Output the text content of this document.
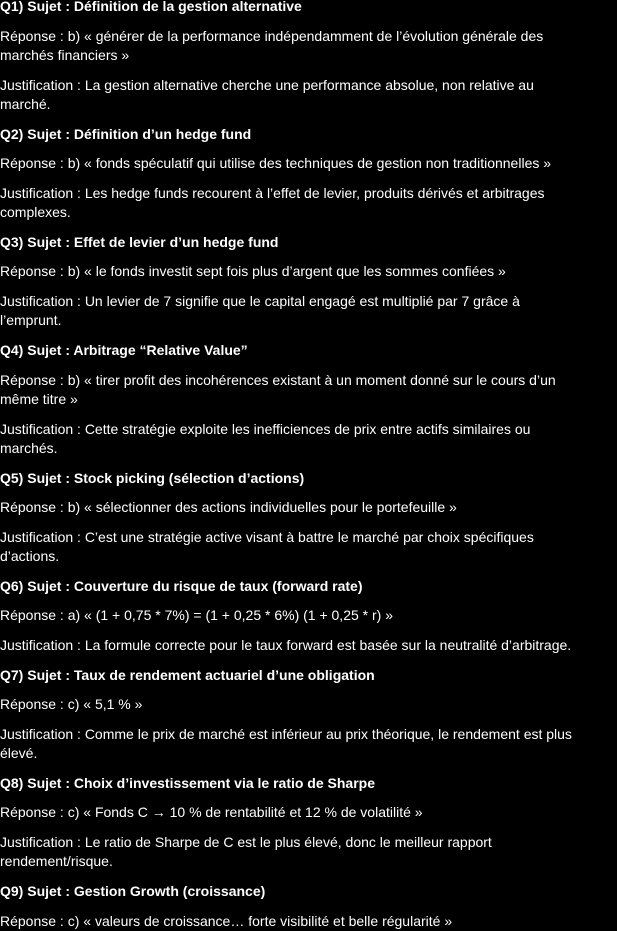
Q1) Sujet : Définition de la gestion alternative
Réponse : b) « générer de la performance indépendamment de l’évolution générale des
marchés financiers »
Justification : La gestion alternative cherche une performance absolue, non relative au
marché.
Q2) Sujet : Définition d’un hedge fund
Réponse : b) « fonds spéculatif qui utilise des techniques de gestion non traditionnelles »
Justification : Les hedge funds recourent à l’effet de levier, produits dérivés et arbitrages
complexes.
Q3) Sujet : Effet de levier d’un hedge fund
Réponse : b) « le fonds investit sept fois plus d’argent que les sommes confiées »
Justification : Un levier de 7 signifie que le capital engagé est multiplié par 7 grâce à
l’emprunt.
Q4) Sujet : Arbitrage “Relative Value”
Réponse : b) « tirer profit des incohérences existant à un moment donné sur le cours d’un
même titre »
Justification : Cette stratégie exploite les inefficiences de prix entre actifs similaires ou
marchés.
Q5) Sujet : Stock picking (sélection d’actions)
Réponse : b) « sélectionner des actions individuelles pour le portefeuille »
Justification : C’est une stratégie active visant à battre le marché par choix spécifiques
d’actions.
Q6) Sujet : Couverture du risque de taux (forward rate)
Réponse : a) « (1 + 0,75 * 7%) = (1 + 0,25 * 6%) (1 + 0,25 * r) »
Justification : La formule correcte pour le taux forward est basée sur la neutralité d’arbitrage.
Q7) Sujet : Taux de rendement actuariel d’une obligation
Réponse : c) « 5,1 % »
Justification : Comme le prix de marché est inférieur au prix théorique, le rendement est plus
élevé.
Q8) Sujet : Choix d’investissement via le ratio de Sharpe
Réponse : c) « Fonds C → 10 % de rentabilité et 12 % de volatilité »
Justification : Le ratio de Sharpe de C est le plus élevé, donc le meilleur rapport
rendement/risque.
Q9) Sujet : Gestion Growth (croissance)
Réponse : c) « valeurs de croissance… forte visibilité et belle régularité »
